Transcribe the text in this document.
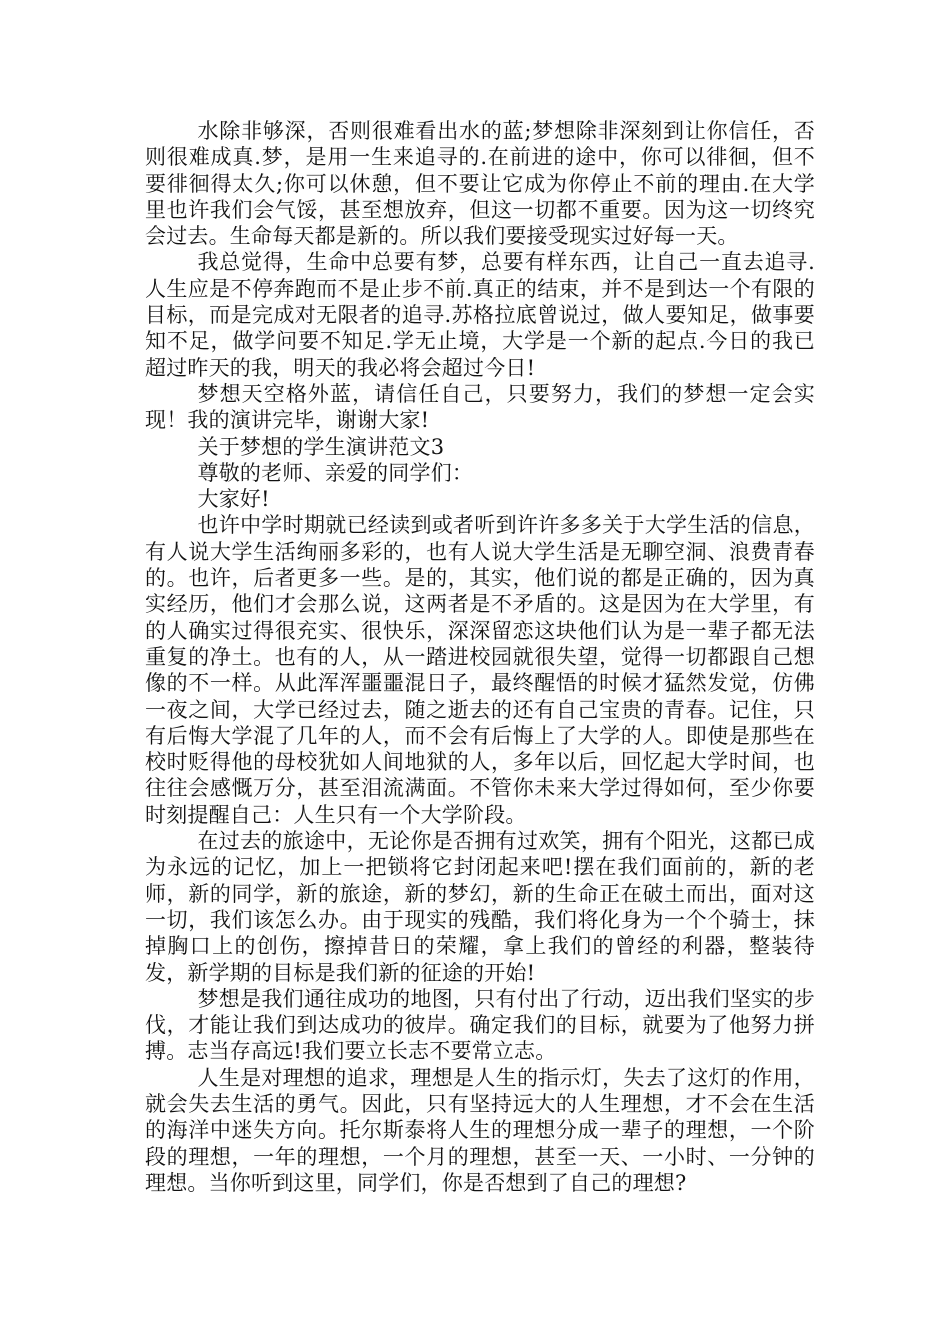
水除非够深，否则很难看出水的蓝;梦想除非深刻到让你信任，否则很难成真.梦，是用一生来追寻的.在前进的途中，你可以徘徊，但不要徘徊得太久;你可以休憩，但不要让它成为你停止不前的理由.在大学里也许我们会气馁，甚至想放弃，但这一切都不重要。因为这一切终究会过去。生命每天都是新的。所以我们要接受现实过好每一天。

我总觉得，生命中总要有梦，总要有样东西，让自己一直去追寻.人生应是不停奔跑而不是止步不前.真正的结束，并不是到达一个有限的目标，而是完成对无限者的追寻.苏格拉底曾说过，做人要知足，做事要知不足，做学问要不知足.学无止境，大学是一个新的起点.今日的我已超过昨天的我，明天的我必将会超过今日!

梦想天空格外蓝，请信任自己，只要努力，我们的梦想一定会实现！我的演讲完毕，谢谢大家!

关于梦想的学生演讲范文3

尊敬的老师、亲爱的同学们：

大家好!

也许中学时期就已经读到或者听到许许多多关于大学生活的信息，有人说大学生活绚丽多彩的，也有人说大学生活是无聊空洞、浪费青春的。也许，后者更多一些。是的，其实，他们说的都是正确的，因为真实经历，他们才会那么说，这两者是不矛盾的。这是因为在大学里，有的人确实过得很充实、很快乐，深深留恋这块他们认为是一辈子都无法重复的净土。也有的人，从一踏进校园就很失望，觉得一切都跟自己想像的不一样。从此浑浑噩噩混日子，最终醒悟的时候才猛然发觉，仿佛一夜之间，大学已经过去，随之逝去的还有自己宝贵的青春。记住，只有后悔大学混了几年的人，而不会有后悔上了大学的人。即使是那些在校时贬得他的母校犹如人间地狱的人，多年以后，回忆起大学时间，也往往会感慨万分，甚至泪流满面。不管你未来大学过得如何，至少你要时刻提醒自己：人生只有一个大学阶段。

在过去的旅途中，无论你是否拥有过欢笑，拥有个阳光，这都已成为永远的记忆，加上一把锁将它封闭起来吧!摆在我们面前的，新的老师，新的同学，新的旅途，新的梦幻，新的生命正在破土而出，面对这一切，我们该怎么办。由于现实的残酷，我们将化身为一个个骑士，抹掉胸口上的创伤，擦掉昔日的荣耀，拿上我们的曾经的利器，整装待发，新学期的目标是我们新的征途的开始!

梦想是我们通往成功的地图，只有付出了行动，迈出我们坚实的步伐，才能让我们到达成功的彼岸。确定我们的目标，就要为了他努力拼搏。志当存高远!我们要立长志不要常立志。

人生是对理想的追求，理想是人生的指示灯，失去了这灯的作用，就会失去生活的勇气。因此，只有坚持远大的人生理想，才不会在生活的海洋中迷失方向。托尔斯泰将人生的理想分成一辈子的理想，一个阶段的理想，一年的理想，一个月的理想，甚至一天、一小时、一分钟的理想。当你听到这里，同学们，你是否想到了自己的理想?
